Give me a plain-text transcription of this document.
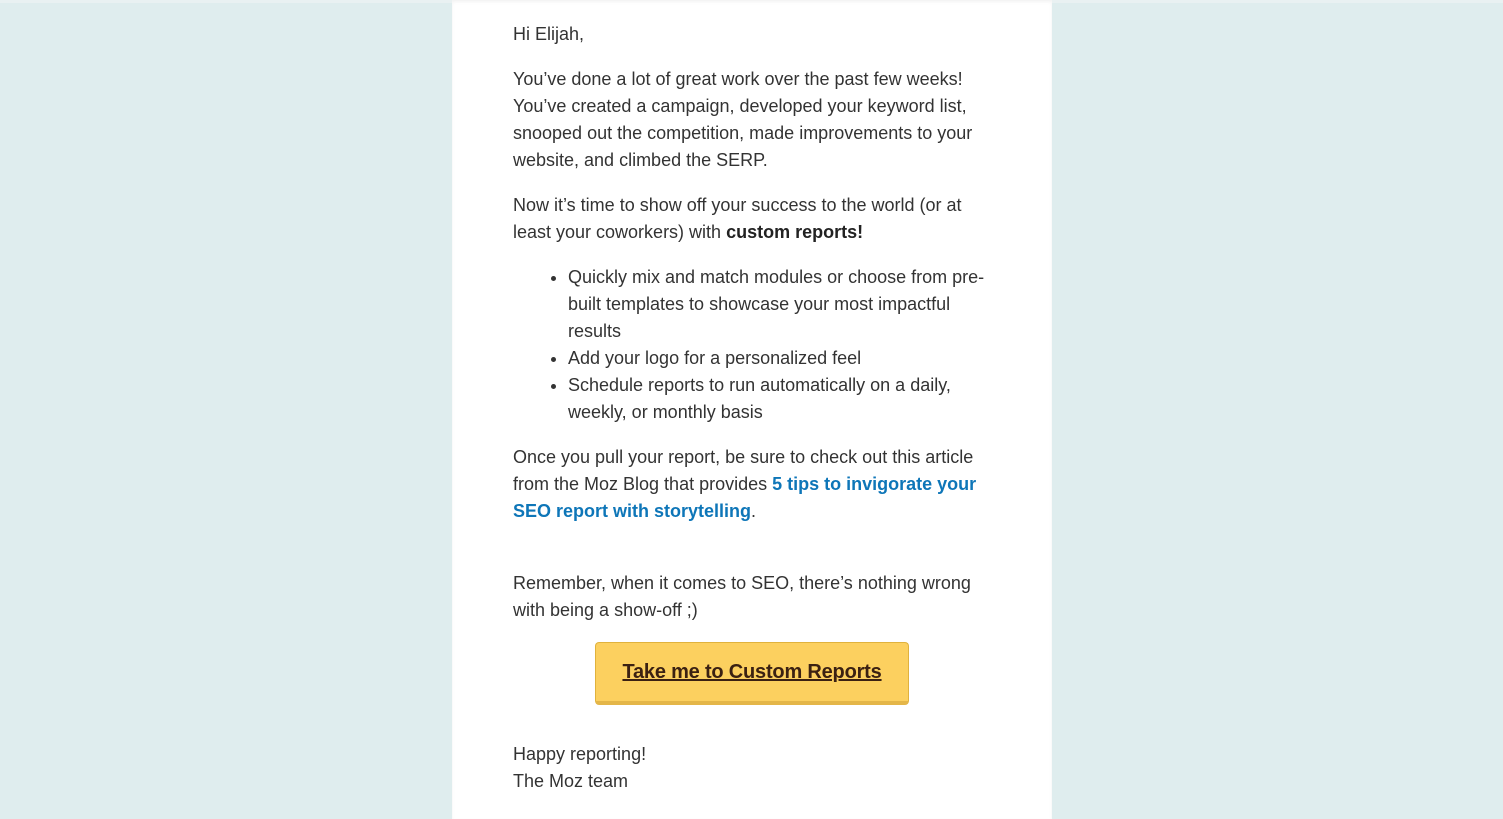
Hi Elijah,

You’ve done a lot of great work over the past few weeks! You’ve created a campaign, developed your keyword list, snooped out the competition, made improvements to your website, and climbed the SERP.

Now it’s time to show off your success to the world (or at least your coworkers) with custom reports!

• Quickly mix and match modules or choose from pre-built templates to showcase your most impactful results
• Add your logo for a personalized feel
• Schedule reports to run automatically on a daily, weekly, or monthly basis

Once you pull your report, be sure to check out this article from the Moz Blog that provides 5 tips to invigorate your SEO report with storytelling.

Remember, when it comes to SEO, there’s nothing wrong with being a show-off ;)

Take me to Custom Reports

Happy reporting!

The Moz team
